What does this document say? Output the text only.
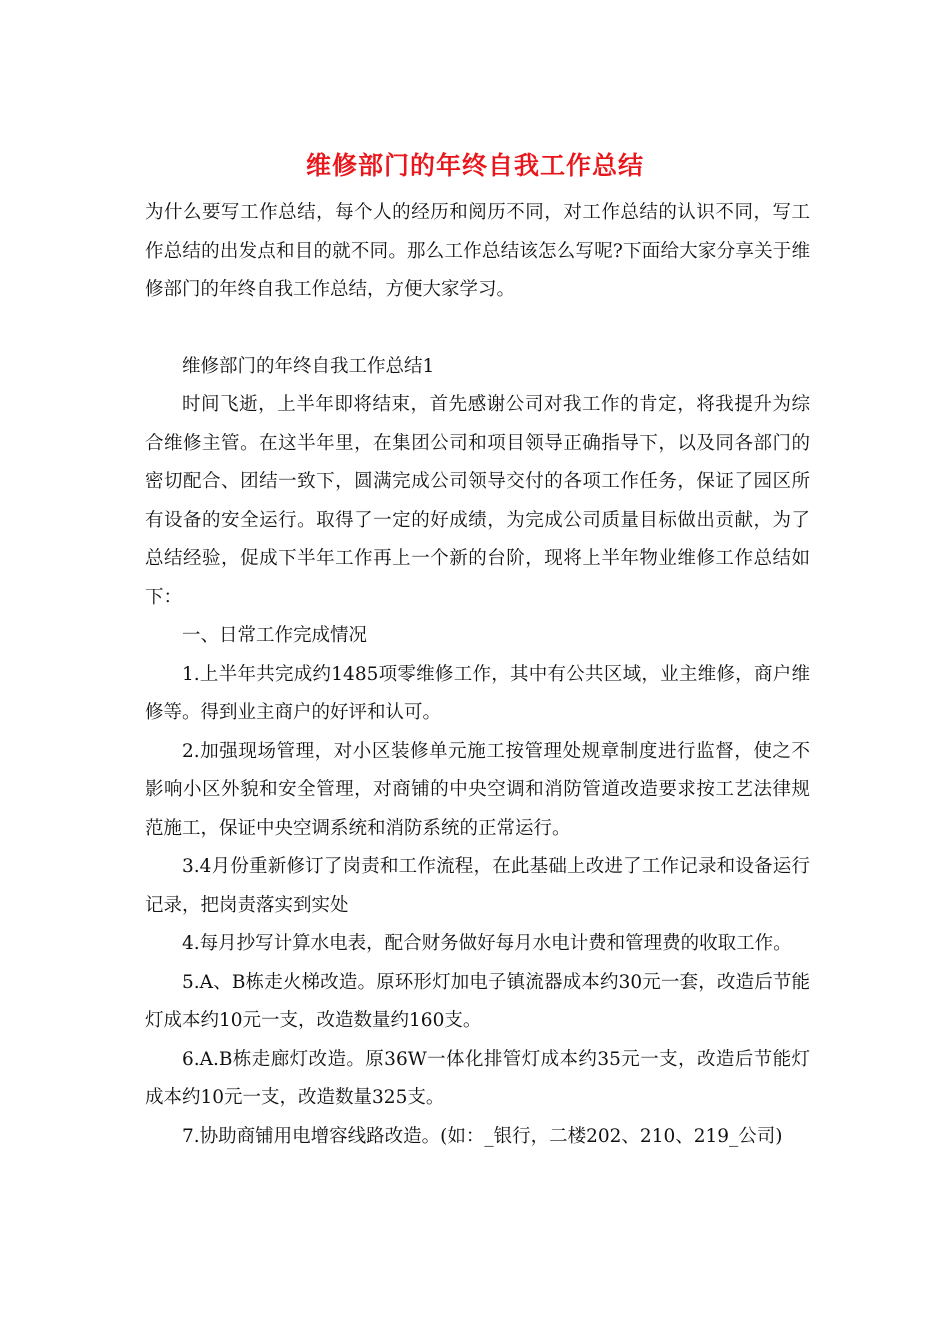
维修部门的年终自我工作总结

为什么要写工作总结，每个人的经历和阅历不同，对工作总结的认识不同，写工作总结的出发点和目的就不同。那么工作总结该怎么写呢?下面给大家分享关于维修部门的年终自我工作总结，方便大家学习。

维修部门的年终自我工作总结1

时间飞逝，上半年即将结束，首先感谢公司对我工作的肯定，将我提升为综合维修主管。在这半年里，在集团公司和项目领导正确指导下，以及同各部门的密切配合、团结一致下，圆满完成公司领导交付的各项工作任务，保证了园区所有设备的安全运行。取得了一定的好成绩，为完成公司质量目标做出贡献，为了总结经验，促成下半年工作再上一个新的台阶，现将上半年物业维修工作总结如下：

一、日常工作完成情况

1.上半年共完成约1485项零维修工作，其中有公共区域，业主维修，商户维修等。得到业主商户的好评和认可。

2.加强现场管理，对小区装修单元施工按管理处规章制度进行监督，使之不影响小区外貌和安全管理，对商铺的中央空调和消防管道改造要求按工艺法律规范施工，保证中央空调系统和消防系统的正常运行。

3.4月份重新修订了岗责和工作流程，在此基础上改进了工作记录和设备运行记录，把岗责落实到实处

4.每月抄写计算水电表，配合财务做好每月水电计费和管理费的收取工作。

5.A、B栋走火梯改造。原环形灯加电子镇流器成本约30元一套，改造后节能灯成本约10元一支，改造数量约160支。

6.A.B栋走廊灯改造。原36W一体化排管灯成本约35元一支，改造后节能灯成本约10元一支，改造数量325支。

7.协助商铺用电增容线路改造。(如：_银行，二楼202、210、219_公司)
